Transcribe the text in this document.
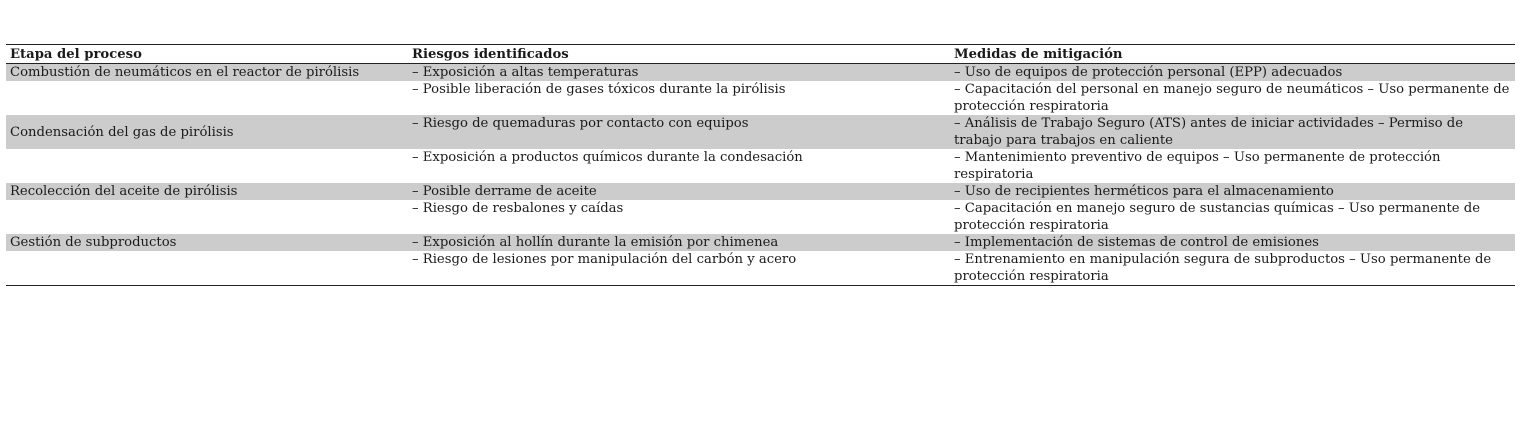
Etapa del proceso	Riesgos identificados	Medidas de mitigación
Combustión de neumáticos en el reactor de pirólisis	– Exposición a altas temperaturas	– Uso de equipos de protección personal (EPP) adecuados
	– Posible liberación de gases tóxicos durante la pirólisis	– Capacitación del personal en manejo seguro de neumáticos – Uso permanente de protección respiratoria
Condensación del gas de pirólisis	– Riesgo de quemaduras por contacto con equipos	– Análisis de Trabajo Seguro (ATS) antes de iniciar actividades – Permiso de trabajo para trabajos en caliente
	– Exposición a productos químicos durante la condesación	– Mantenimiento preventivo de equipos – Uso permanente de protección respiratoria
Recolección del aceite de pirólisis	– Posible derrame de aceite	– Uso de recipientes herméticos para el almacenamiento
	– Riesgo de resbalones y caídas	– Capacitación en manejo seguro de sustancias químicas – Uso permanente de protección respiratoria
Gestión de subproductos	– Exposición al hollín durante la emisión por chimenea	– Implementación de sistemas de control de emisiones
	– Riesgo de lesiones por manipulación del carbón y acero	– Entrenamiento en manipulación segura de subproductos – Uso permanente de protección respiratoria
